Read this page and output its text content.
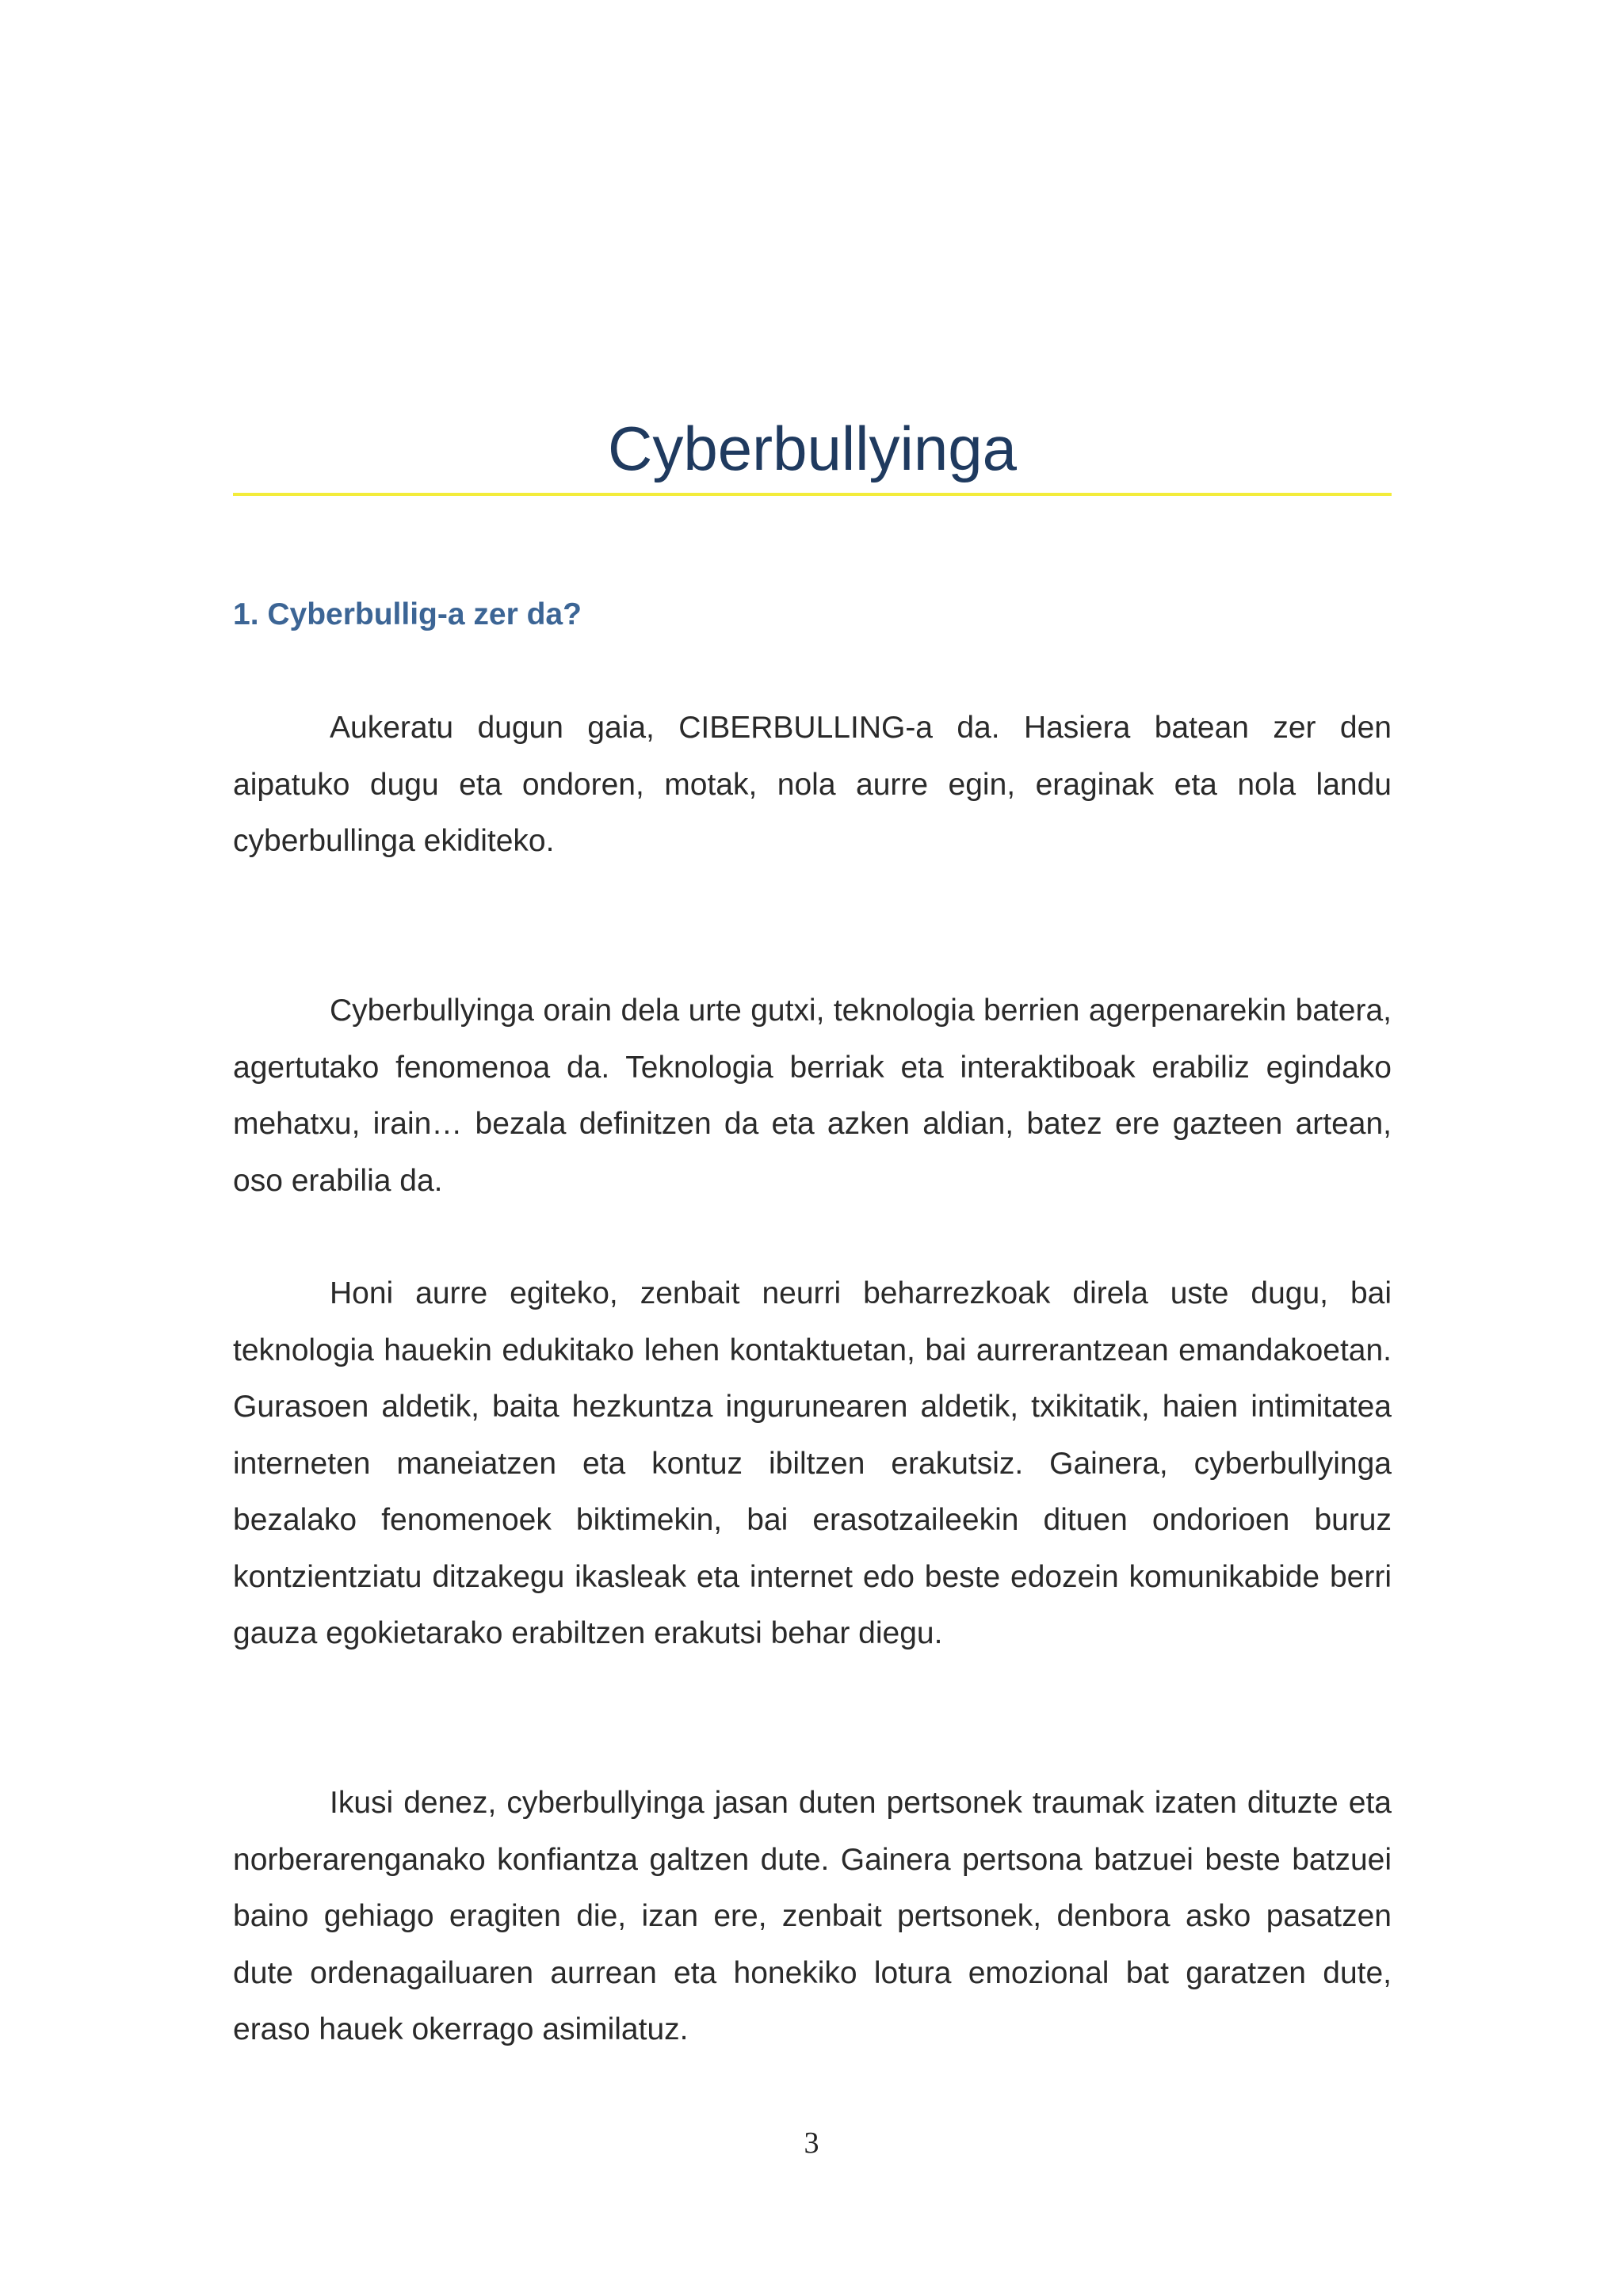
Cyberbullyinga
1. Cyberbullig-a zer da?

Aukeratu dugun gaia, CIBERBULLING-a da. Hasiera batean zer den aipatuko dugu eta ondoren, motak, nola aurre egin, eraginak eta nola landu cyberbullinga ekiditeko.

Cyberbullyinga orain dela urte gutxi, teknologia berrien agerpenarekin batera, agertutako fenomenoa da. Teknologia berriak eta interaktiboak erabiliz egindako mehatxu, irain… bezala definitzen da eta azken aldian, batez ere gazteen artean, oso erabilia da.

Honi aurre egiteko, zenbait neurri beharrezkoak direla uste dugu, bai teknologia hauekin edukitako lehen kontaktuetan, bai aurrerantzean emandakoetan. Gurasoen aldetik, baita hezkuntza ingurunearen aldetik, txikitatik, haien intimitatea interneten maneiatzen eta kontuz ibiltzen erakutsiz. Gainera, cyberbullyinga bezalako fenomenoek biktimekin, bai erasotzaileekin dituen ondorioen buruz kontzientziatu ditzakegu ikasleak eta internet edo beste edozein komunikabide berri gauza egokietarako erabiltzen erakutsi behar diegu.

Ikusi denez, cyberbullyinga jasan duten pertsonek traumak izaten dituzte eta norberarenganako konfiantza galtzen dute. Gainera pertsona batzuei beste batzuei baino gehiago eragiten die, izan ere, zenbait pertsonek, denbora asko pasatzen dute ordenagailuaren aurrean eta honekiko lotura emozional bat garatzen dute, eraso hauek okerrago asimilatuz.

3
